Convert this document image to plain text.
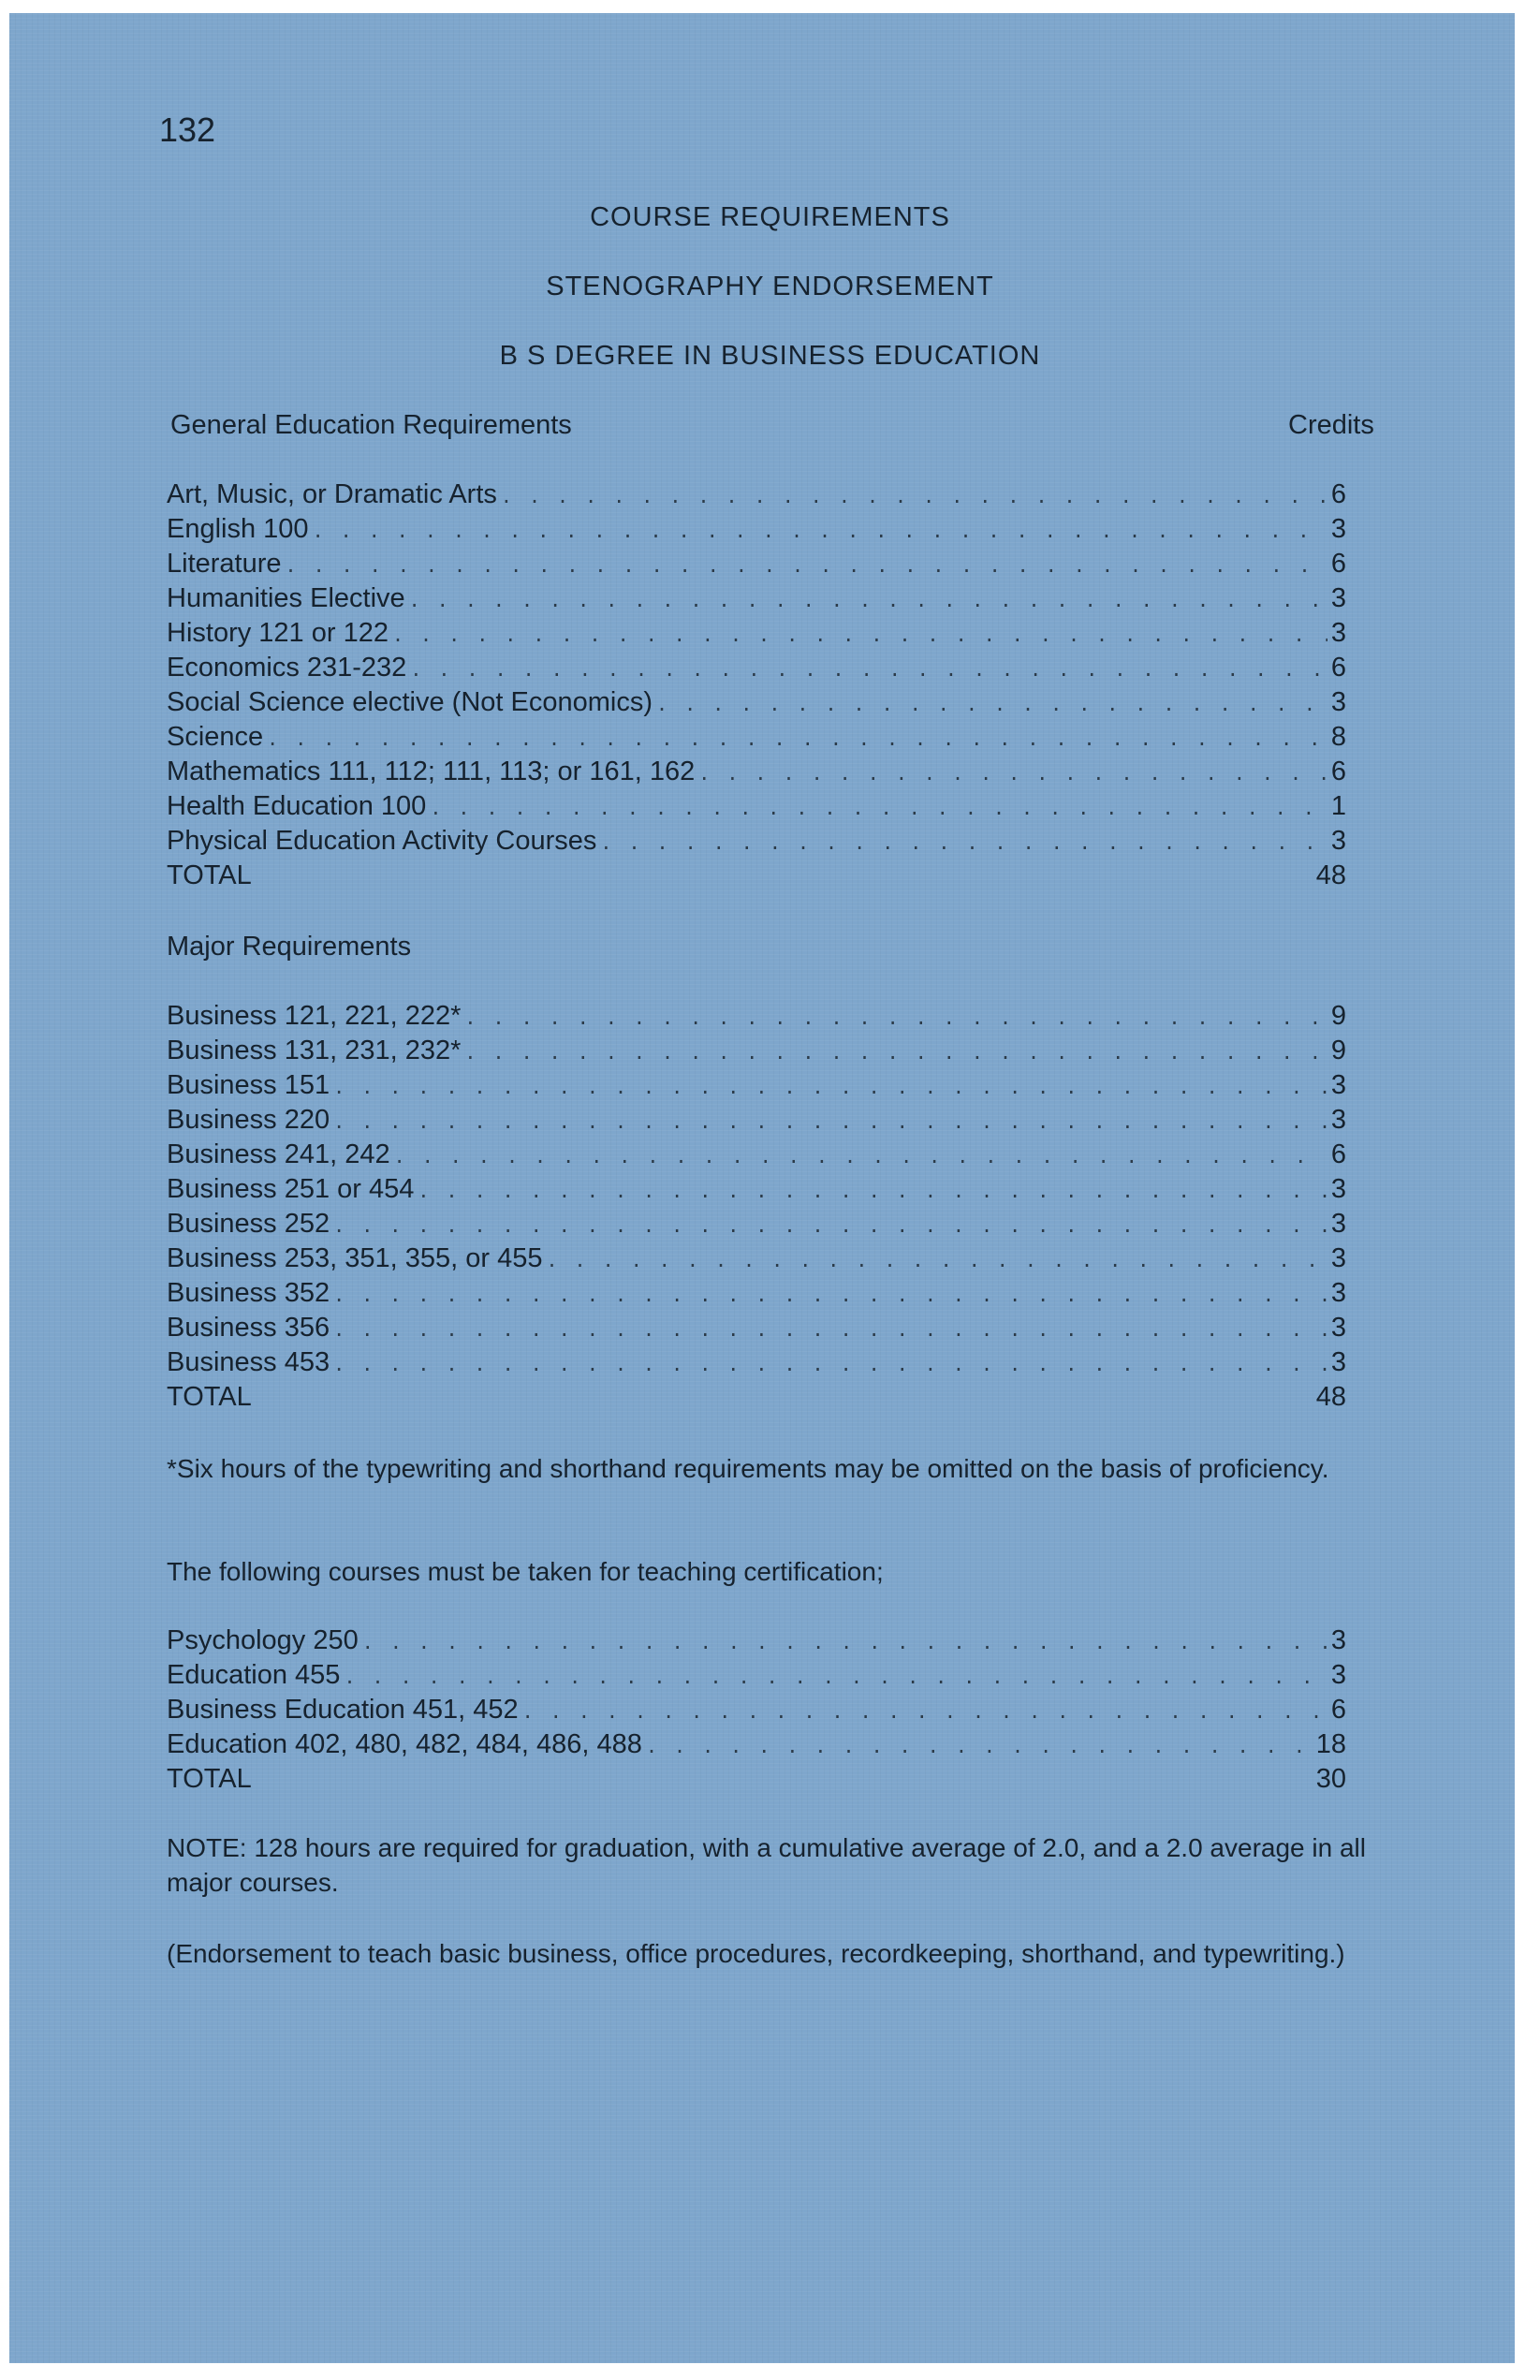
132
COURSE REQUIREMENTS
STENOGRAPHY ENDORSEMENT
B S DEGREE IN BUSINESS EDUCATION
General Education Requirements	Credits
Art, Music, or Dramatic Arts . . .	6
English 100 . . .	3
Literature . . .	6
Humanities Elective . . .	3
History 121 or 122 . . .	3
Economics 231-232 . . .	6
Social Science elective (Not Economics) . . .	3
Science . . .	8
Mathematics 111, 112; 111, 113; or 161, 162 . . .	6
Health Education 100 . . .	1
Physical Education Activity Courses . . .	3
TOTAL	48
Major Requirements
Business 121, 221, 222* . . .	9
Business 131, 231, 232* . . .	9
Business 151 . . .	3
Business 220 . . .	3
Business 241, 242 . . .	6
Business 251 or 454 . . .	3
Business 252 . . .	3
Business 253, 351, 355, or 455 . . .	3
Business 352 . . .	3
Business 356 . . .	3
Business 453 . . .	3
TOTAL	48

*Six hours of the typewriting and shorthand requirements may be omitted on the basis of proficiency.

The following courses must be taken for teaching certification;

Psychology 250 . . .	3
Education 455 . . .	3
Business Education 451, 452 . . .	6
Education 402, 480, 482, 484, 486, 488 . . .	18
TOTAL	30

NOTE: 128 hours are required for graduation, with a cumulative average of 2.0, and a 2.0 average in all major courses.

(Endorsement to teach basic business, office procedures, recordkeeping, shorthand, and typewriting.)
